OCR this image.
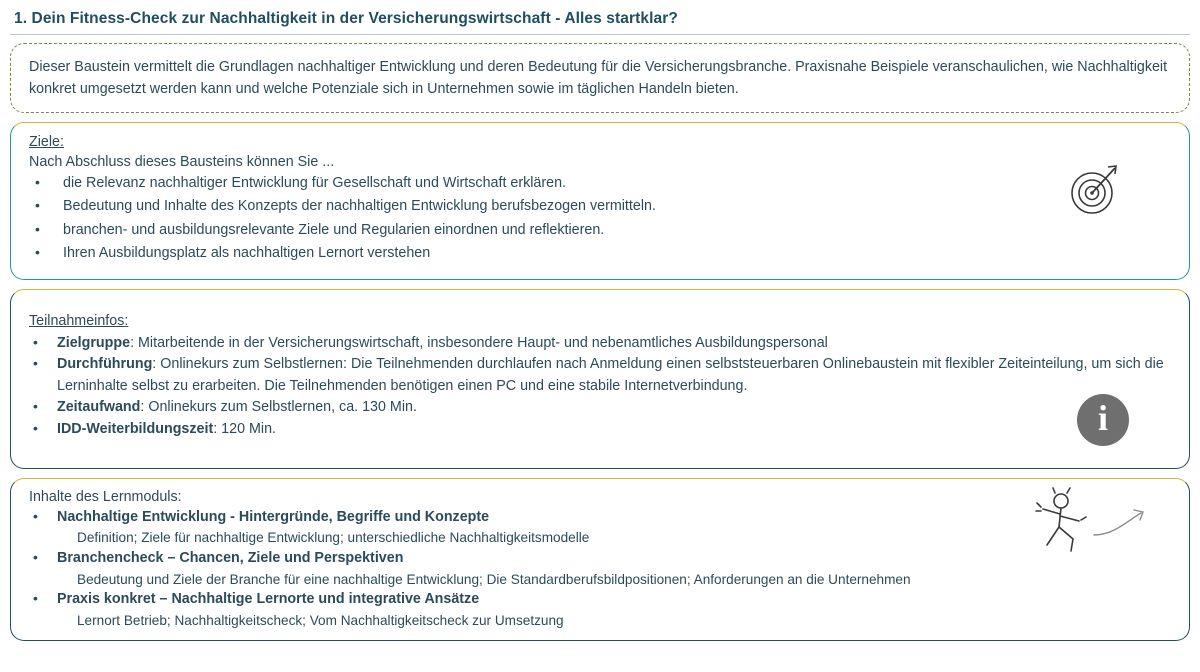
1. Dein Fitness-Check zur Nachhaltigkeit in der Versicherungswirtschaft - Alles startklar?

Dieser Baustein vermittelt die Grundlagen nachhaltiger Entwicklung und deren Bedeutung für die Versicherungsbranche. Praxisnahe Beispiele veranschaulichen, wie Nachhaltigkeit konkret umgesetzt werden kann und welche Potenziale sich in Unternehmen sowie im täglichen Handeln bieten.

Ziele:
Nach Abschluss dieses Bausteins können Sie ...
• die Relevanz nachhaltiger Entwicklung für Gesellschaft und Wirtschaft erklären.
• Bedeutung und Inhalte des Konzepts der nachhaltigen Entwicklung berufsbezogen vermitteln.
• branchen- und ausbildungsrelevante Ziele und Regularien einordnen und reflektieren.
• Ihren Ausbildungsplatz als nachhaltigen Lernort verstehen
Teilnahmeinfos:
• Zielgruppe: Mitarbeitende in der Versicherungswirtschaft, insbesondere Haupt- und nebenamtliches Ausbildungspersonal
• Durchführung: Onlinekurs zum Selbstlernen: Die Teilnehmenden durchlaufen nach Anmeldung einen selbststeuerbaren Onlinebaustein mit flexibler Zeiteinteilung, um sich die Lerninhalte selbst zu erarbeiten. Die Teilnehmenden benötigen einen PC und eine stabile Internetverbindung.
• Zeitaufwand: Onlinekurs zum Selbstlernen, ca. 130 Min.
• IDD-Weiterbildungszeit: 120 Min.	i
Inhalte des Lernmoduls:
• Nachhaltige Entwicklung - Hintergründe, Begriffe und Konzepte
Definition; Ziele für nachhaltige Entwicklung; unterschiedliche Nachhaltigkeitsmodelle
• Branchencheck – Chancen, Ziele und Perspektiven
Bedeutung und Ziele der Branche für eine nachhaltige Entwicklung; Die Standardberufsbildpositionen; Anforderungen an die Unternehmen
• Praxis konkret – Nachhaltige Lernorte und integrative Ansätze
Lernort Betrieb; Nachhaltigkeitscheck; Vom Nachhaltigkeitscheck zur Umsetzung
